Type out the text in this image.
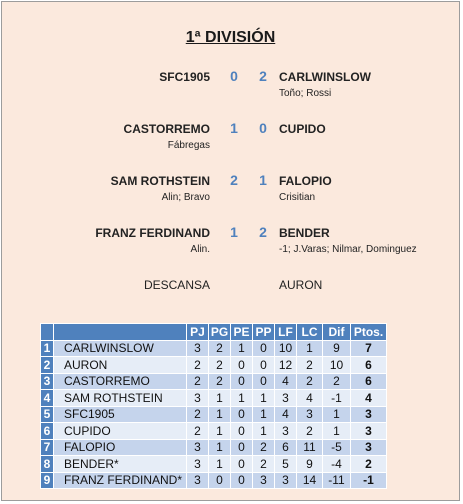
1ª DIVISIÓN
SFC1905 0 2 CARLWINSLOW
Toño; Rossi
CASTORREMO 1 0 CUPIDO
Fábregas
SAM ROTHSTEIN 2 1 FALOPIO
Alin; Bravo	Crisitian
FRANZ FERDINAND 1 2 BENDER
Alin.	-1; J.Varas; Nilmar, Dominguez
DESCANSA	AURON
		PJ	PG	PE	PP	LF	LC	Dif	Ptos.
1	CARLWINSLOW	3	2	1	0	10	1	9	7
2	AURON	2	2	0	0	12	2	10	6
3	CASTORREMO	2	2	0	0	4	2	2	6
4	SAM ROTHSTEIN	3	1	1	1	3	4	-1	4
5	SFC1905	2	1	0	1	4	3	1	3
6	CUPIDO	2	1	0	1	3	2	1	3
7	FALOPIO	3	1	0	2	6	11	-5	3
8	BENDER*	3	1	0	2	5	9	-4	2
9	FRANZ FERDINAND*	3	0	0	3	3	14	-11	-1
